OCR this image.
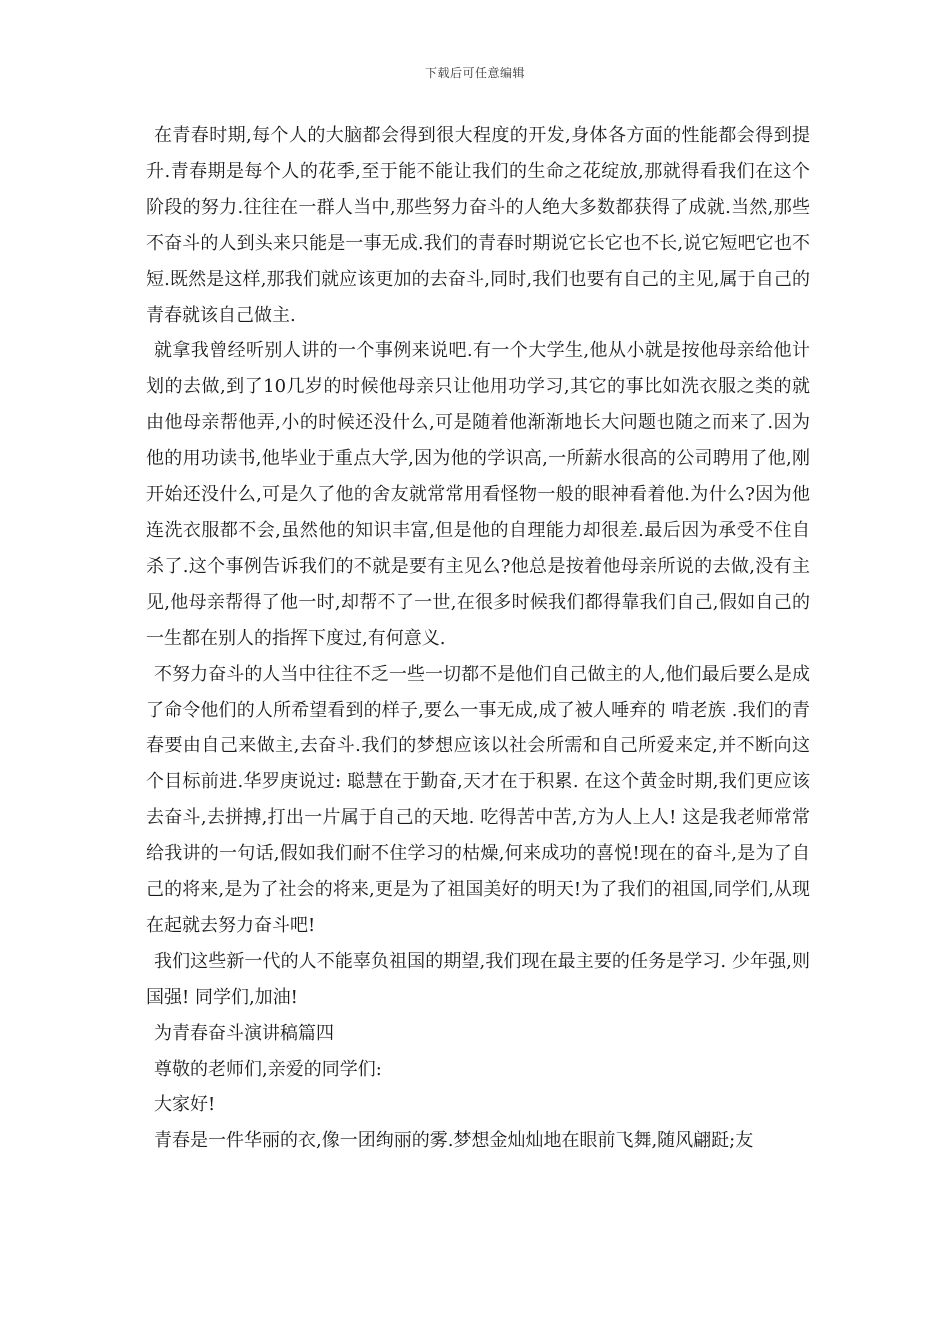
下载后可任意编辑

在青春时期,每个人的大脑都会得到很大程度的开发,身体各方面的性能都会得到提升.青春期是每个人的花季,至于能不能让我们的生命之花绽放,那就得看我们在这个阶段的努力.往往在一群人当中,那些努力奋斗的人绝大多数都获得了成就.当然,那些不奋斗的人到头来只能是一事无成.我们的青春时期说它长它也不长,说它短吧它也不短.既然是这样,那我们就应该更加的去奋斗,同时,我们也要有自己的主见,属于自己的青春就该自己做主.

就拿我曾经听别人讲的一个事例来说吧.有一个大学生,他从小就是按他母亲给他计划的去做,到了10几岁的时候他母亲只让他用功学习,其它的事比如洗衣服之类的就由他母亲帮他弄,小的时候还没什么,可是随着他渐渐地长大问题也随之而来了.因为他的用功读书,他毕业于重点大学,因为他的学识高,一所薪水很高的公司聘用了他,刚开始还没什么,可是久了他的舍友就常常用看怪物一般的眼神看着他.为什么?因为他连洗衣服都不会,虽然他的知识丰富,但是他的自理能力却很差.最后因为承受不住自杀了.这个事例告诉我们的不就是要有主见么?他总是按着他母亲所说的去做,没有主见,他母亲帮得了他一时,却帮不了一世,在很多时候我们都得靠我们自己,假如自己的一生都在别人的指挥下度过,有何意义.

不努力奋斗的人当中往往不乏一些一切都不是他们自己做主的人,他们最后要么是成了命令他们的人所希望看到的样子,要么一事无成,成了被人唾弃的 啃老族 .我们的青春要由自己来做主,去奋斗.我们的梦想应该以社会所需和自己所爱来定,并不断向这个目标前进.华罗庚说过: 聪慧在于勤奋,天才在于积累. 在这个黄金时期,我们更应该去奋斗,去拼搏,打出一片属于自己的天地. 吃得苦中苦,方为人上人! 这是我老师常常给我讲的一句话,假如我们耐不住学习的枯燥,何来成功的喜悦!现在的奋斗,是为了自己的将来,是为了社会的将来,更是为了祖国美好的明天!为了我们的祖国,同学们,从现在起就去努力奋斗吧!

我们这些新一代的人不能辜负祖国的期望,我们现在最主要的任务是学习. 少年强,则国强! 同学们,加油!

为青春奋斗演讲稿篇四

尊敬的老师们,亲爱的同学们:

大家好!

青春是一件华丽的衣,像一团绚丽的雾.梦想金灿灿地在眼前飞舞,随风翩跹;友
